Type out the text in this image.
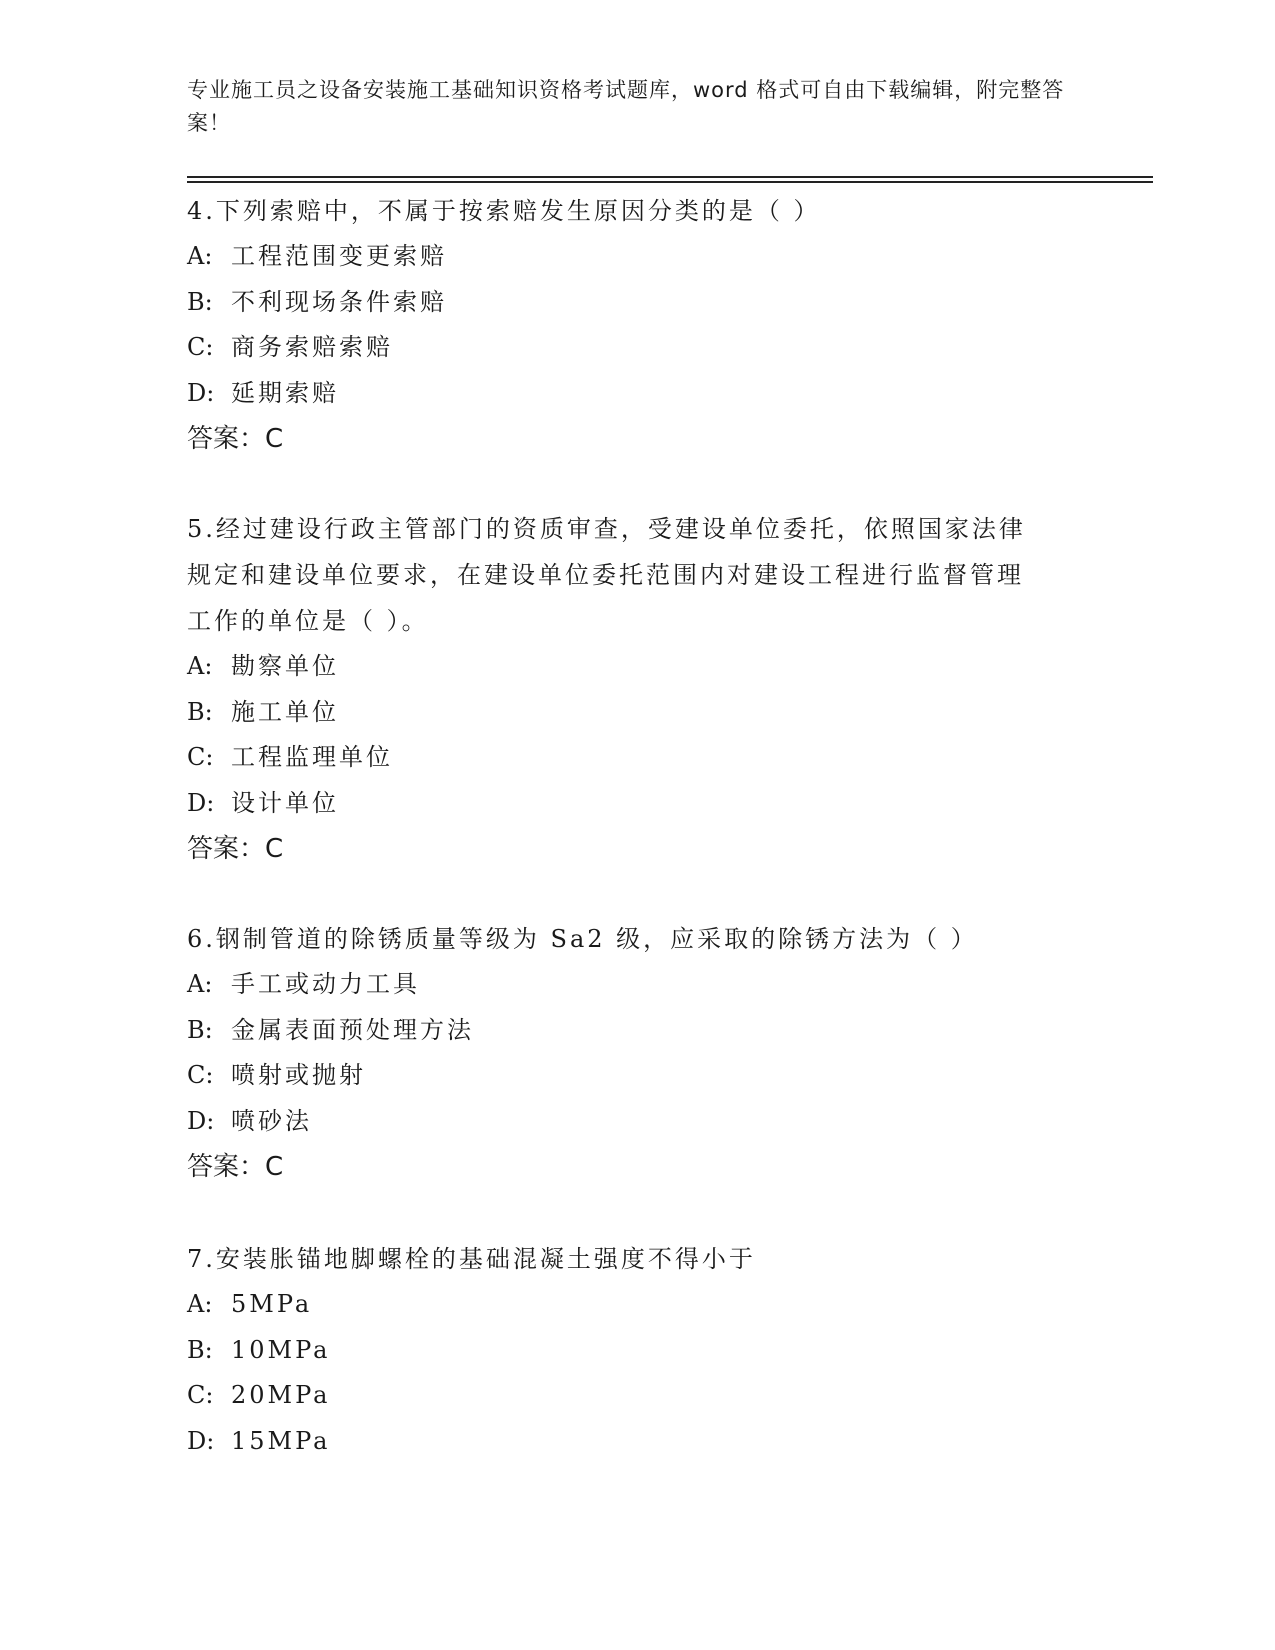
专业施工员之设备安装施工基础知识资格考试题库，word 格式可自由下载编辑，附完整答案！

4.下列索赔中，不属于按索赔发生原因分类的是（ ）

A: 工程范围变更索赔
B: 不利现场条件索赔
C: 商务索赔索赔
D: 延期索赔
答案：C

5.经过建设行政主管部门的资质审查，受建设单位委托，依照国家法律规定和建设单位要求，在建设单位委托范围内对建设工程进行监督管理工作的单位是（ ）。

A: 勘察单位
B: 施工单位
C: 工程监理单位
D: 设计单位
答案：C

6.钢制管道的除锈质量等级为 Sa2 级，应采取的除锈方法为（ ）

A: 手工或动力工具
B: 金属表面预处理方法
C: 喷射或抛射
D: 喷砂法
答案：C

7.安装胀锚地脚螺栓的基础混凝土强度不得小于

A: 5MPa
B: 10MPa
C: 20MPa
D: 15MPa
